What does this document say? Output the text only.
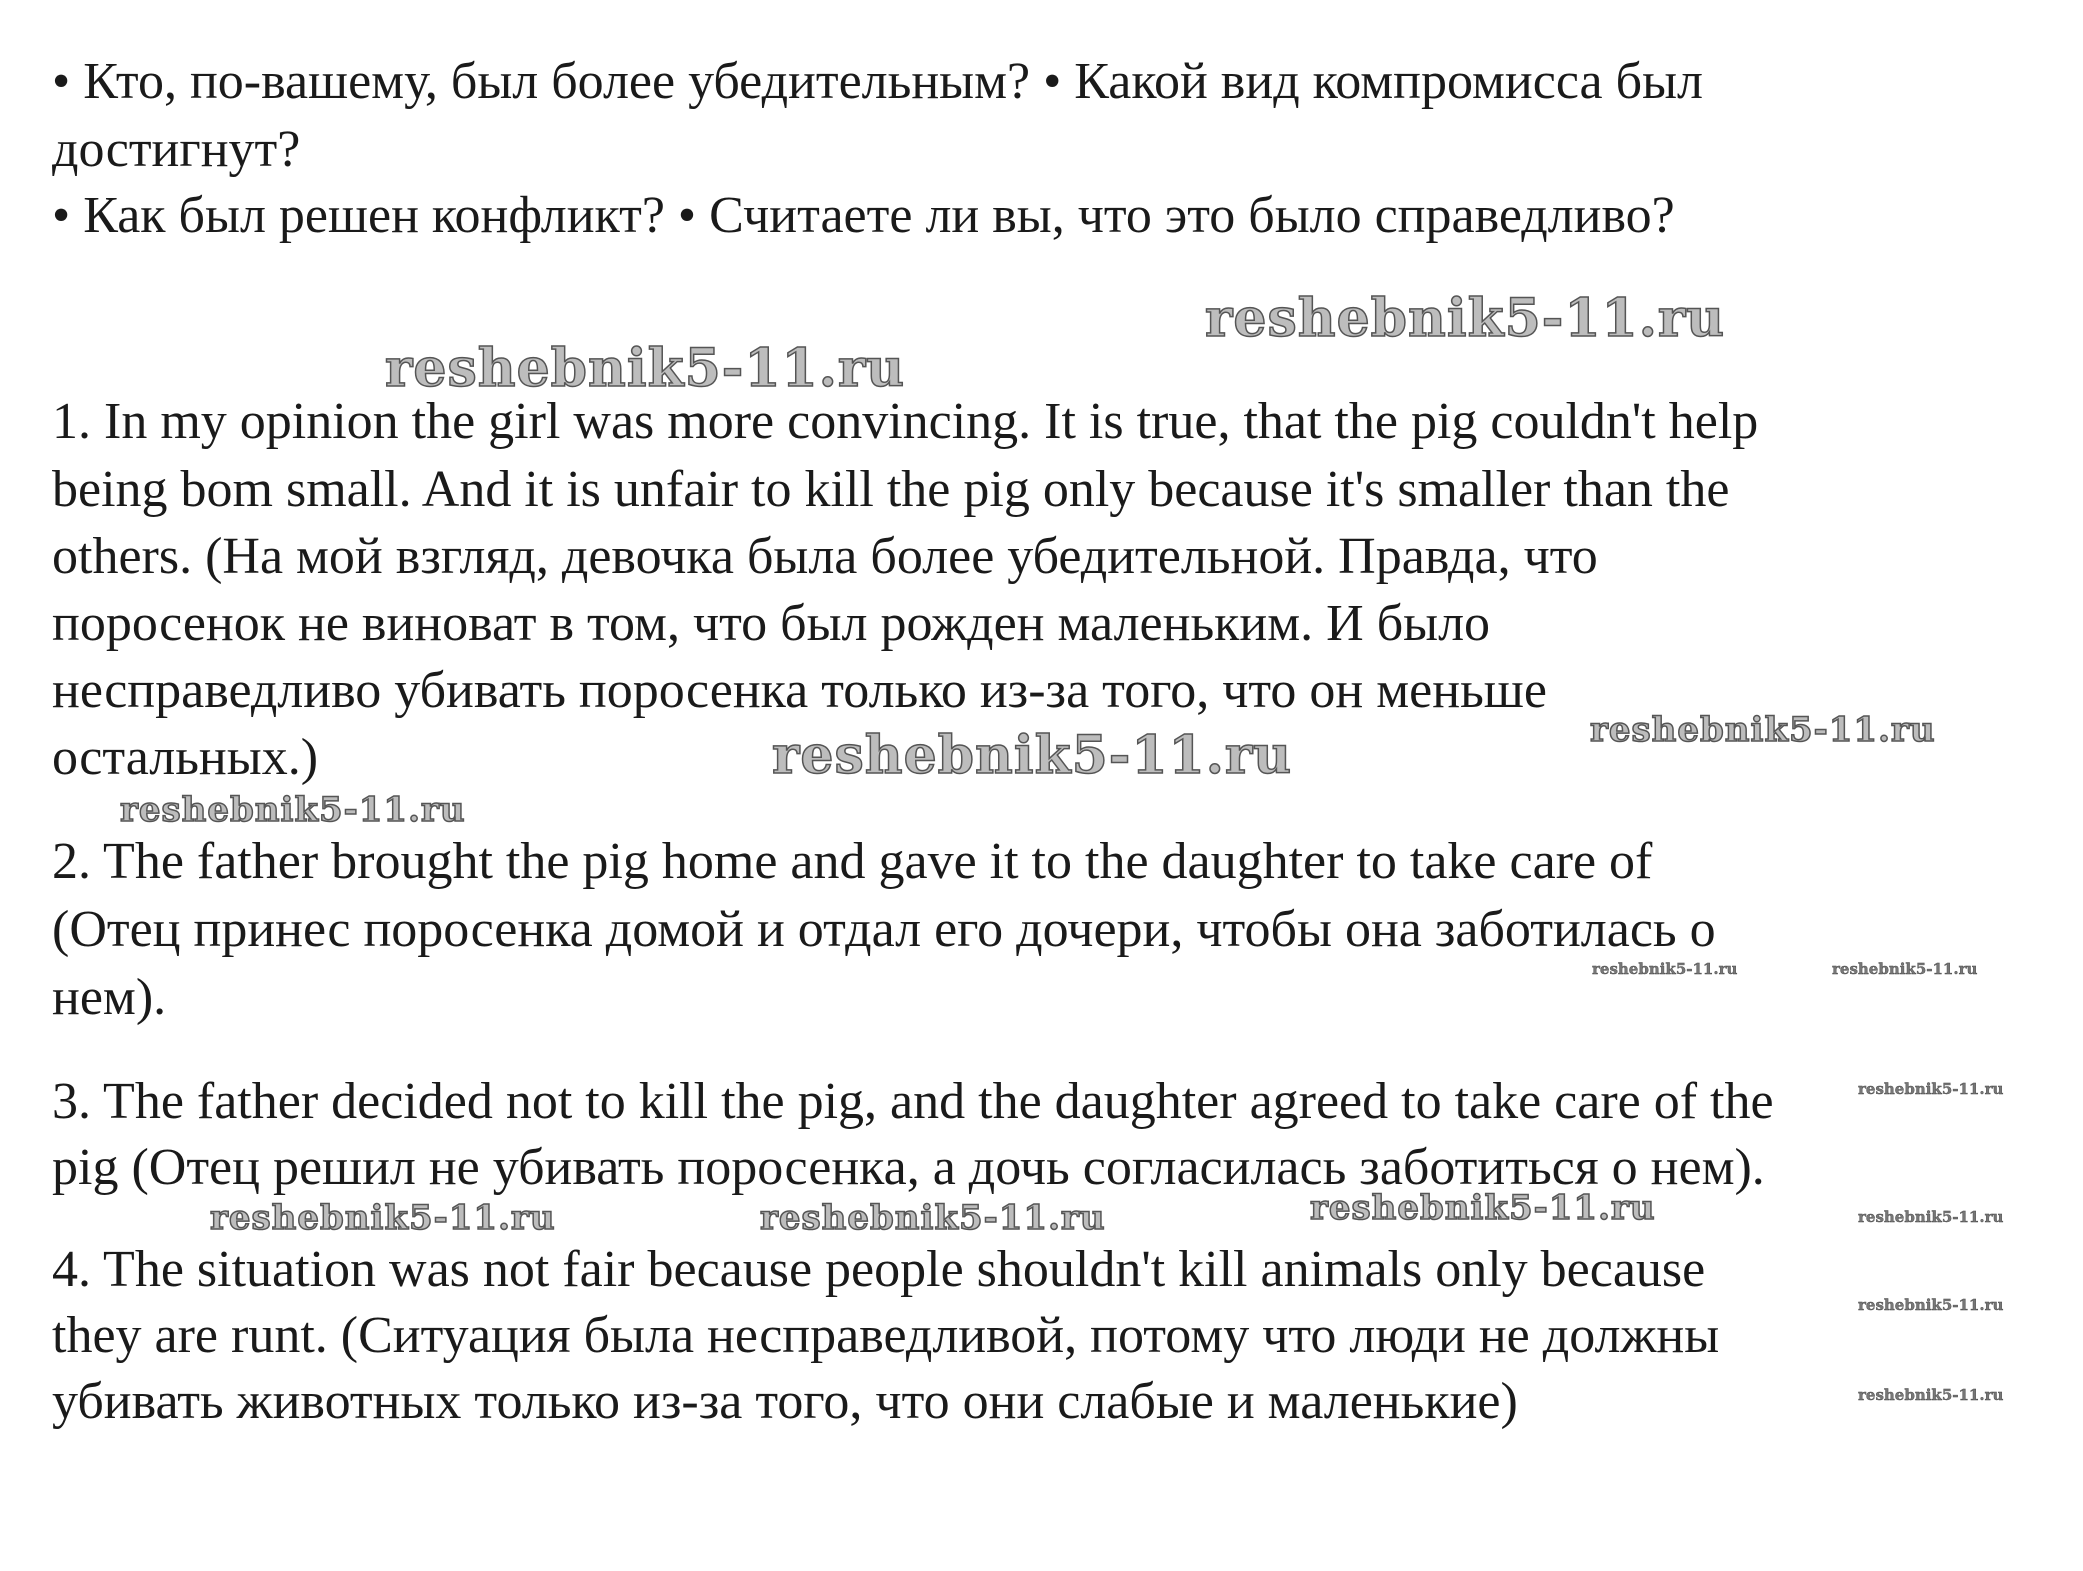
• Кто, по-вашему, был более убедительным? • Какой вид компромисса был
достигнут?
• Как был решен конфликт? • Считаете ли вы, что это было справедливо?
1. In my opinion the girl was more convincing. It is true, that the pig couldn't help
being bom small. And it is unfair to kill the pig only because it's smaller than the
others. (На мой взгляд, девочка была более убедительной. Правда, что
поросенок не виноват в том, что был рожден маленьким. И было
несправедливо убивать поросенка только из-за того, что он меньше
остальных.)
2. The father brought the pig home and gave it to the daughter to take care of
(Отец принес поросенка домой и отдал его дочери, чтобы она заботилась о
нем).
3. The father decided not to kill the pig, and the daughter agreed to take care of the
pig (Отец решил не убивать поросенка, а дочь согласилась заботиться о нем).
4. The situation was not fair because people shouldn't kill animals only because
they are runt. (Ситуация была несправедливой, потому что люди не должны
убивать животных только из-за того, что они слабые и маленькие)
reshebnik5-11.ru
reshebnik5-11.ru
reshebnik5-11.ru
reshebnik5-11.ru
reshebnik5-11.ru
reshebnik5-11.ru	reshebnik5-11.ru
reshebnik5-11.ru
reshebnik5-11.ru	reshebnik5-11.ru	reshebnik5-11.ru	reshebnik5-11.ru
reshebnik5-11.ru
reshebnik5-11.ru
